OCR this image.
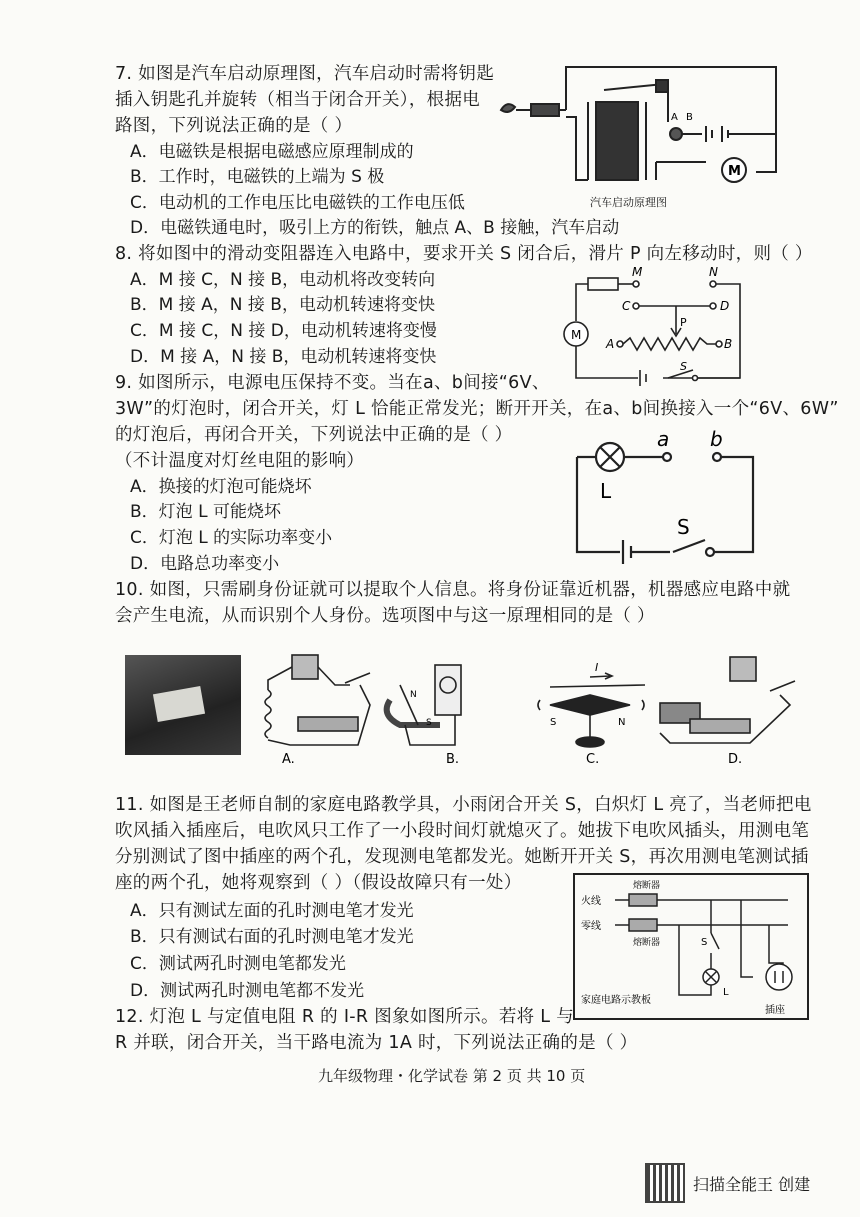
7. 如图是汽车启动原理图，汽车启动时需将钥匙
插入钥匙孔并旋转（相当于闭合开关），根据电
路图，下列说法正确的是（ ）
A．电磁铁是根据电磁感应原理制成的
B．工作时，电磁铁的上端为 S 极
C．电动机的工作电压比电磁铁的工作电压低
D．电磁铁通电时，吸引上方的衔铁，触点 A、B 接触，汽车启动
A B
M
汽车启动原理图
8. 将如图中的滑动变阻器连入电路中，要求开关 S 闭合后，滑片 P 向左移动时，则（ ）
A．M 接 C，N 接 B，电动机将改变转向
B．M 接 A，N 接 B，电动机转速将变快
C．M 接 C，N 接 D，电动机转速将变慢
D．M 接 A，N 接 B，电动机转速将变快
M	N
C	D
P
A	B
S
M
9. 如图所示，电源电压保持不变。当在a、b间接“6V、
3W”的灯泡时，闭合开关，灯 L 恰能正常发光；断开开关，在a、b间换接入一个“6V、6W”
的灯泡后，再闭合开关，下列说法中正确的是（ ）
（不计温度对灯丝电阻的影响）
A．换接的灯泡可能烧坏
B．灯泡 L 可能烧坏
C．灯泡 L 的实际功率变小
D．电路总功率变小
a b
L
S
10. 如图，只需刷身份证就可以提取个人信息。将身份证靠近机器，机器感应电路中就
会产生电流，从而识别个人身份。选项图中与这一原理相同的是（ ）
N
S
I
S	N
A.	B.	C.	D.
11. 如图是王老师自制的家庭电路教学具，小雨闭合开关 S，白炽灯 L 亮了，当老师把电
吹风插入插座后，电吹风只工作了一小段时间灯就熄灭了。她拔下电吹风插头，用测电笔
分别测试了图中插座的两个孔，发现测电笔都发光。她断开开关 S，再次用测电笔测试插
座的两个孔，她将观察到（ ）（假设故障只有一处）
A．只有测试左面的孔时测电笔才发光
B．只有测试右面的孔时测电笔才发光
C．测试两孔时测电笔都发光
D．测试两孔时测电笔都不发光
火线
零线
熔断器
熔断器	S
L
插座
家庭电路示教板
12. 灯泡 L 与定值电阻 R 的 I-R 图象如图所示。若将 L 与
R 并联，闭合开关，当干路电流为 1A 时，下列说法正确的是（ ）
九年级物理・化学试卷 第 2 页 共 10 页
扫描全能王 创建
